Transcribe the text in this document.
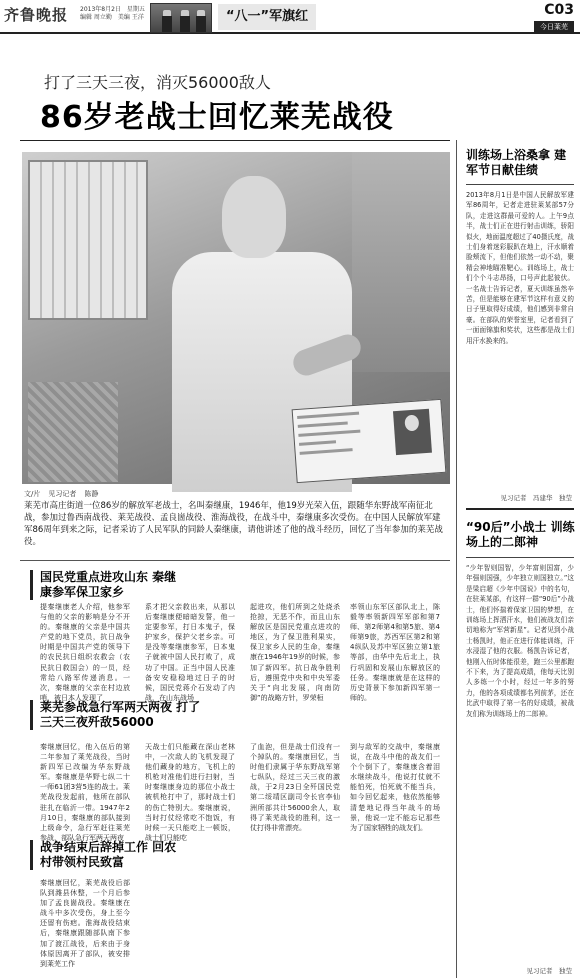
齐鲁晚报 2013年8月2日 星期五
编辑 周立勤 美编 王洋	“八一”军旗红	C03
今日莱芜
打了三天三夜，消灭56000敌人
86岁老战士回忆莱芜战役
文/片 见习记者 陈静
莱芜市高庄街道一位86岁的解放军老战士，名叫秦继康，1946年，他19岁光荣入伍，跟随华东野战军南征北战，参加过鲁西南战役、莱芜战役、孟良崮战役、淮海战役，在战斗中，秦继康多次受伤。在中国人民解放军建军86周年到来之际，记者采访了人民军队的同龄人秦继康，请他讲述了他的战斗经历，回忆了当年参加的莱芜战役。
国民党重点进攻山东 秦继康参军保卫家乡
提秦继康老人介绍，他参军与他的父亲的影响是分不开的。秦继康的父亲是中国共产党的地下党员，抗日战争时期是中国共产党的领导下的农民抗日组织农救会（农民抗日救国会）的一员，经常给八路军传递消息。一次，秦继康的父亲在村边放哨，被日本人发现了
系才把父亲救出来，从那以后秦继康便暗暗发誓，他一定要参军，打日本鬼子，保护家乡，保护父老乡亲。可是没等秦继康参军，日本鬼子就被中国人民打败了，成功了中国。正当中国人民准备安安稳稳地过日子的时候，国民党蒋介石发动了内战，在山东战场
起进攻，他们所到之处烧杀抢掠，无恶不作，而且山东解放区是国民党重点进攻的地区，为了保卫胜利果实，保卫家乡人民的生命，秦继康在1946年19岁的时候，参加了新四军。抗日战争胜利后，遵照党中央和中央军委关于“向北发展，向南防御”的战略方针，罗荣桓
率领山东军区部队北上，陈毅等率领新四军军部和第7师、第2师第4和第5旅、第4师第9旅，苏西军区第2和第4纵队及苏中军区独立第1旅等部，由华中先后北上，执行巩固和发展山东解放区的任务。秦继康就是在这样的历史背景下参加新四军第一师的。
莱芜参战急行军两天两夜 打了三天三夜歼敌56000
秦继康回忆，他入伍后的第二年参加了莱芜战役，当时新四军已改编为华东野战军。秦继康是华野七纵二十一师61团3营5连的战士。莱芜战役发起前，他所在部队驻扎在临沂一带。1947年2月10日，秦继康的部队接到上级命令，急行军赶往莱芜参战，部队急行军两天两夜
天战士们只能藏在深山老林中，一次敌人的飞机发现了他们藏身的地方，飞机上的机枪对准他们进行扫射，当时秦继康身边的那位小战士被机枪打中了，那时战士们的伤亡特别大。秦继康说，当时打仗经常吃不饱饭，有时候一天只能吃上一顿饭，战士们只能吃
了血泡，但是战士们没有一个掉队的。秦继康回忆，当时他们隶属于华东野战军第七纵队，经过三天三夜的激战，于2月23日全歼国民党第二绥靖区副司令长官李仙洲所部共计56000余人，取得了莱芜战役的胜利，这一仗打得非常漂亮。
到与敌军的交战中，秦继康说，在战斗中他的战友们一个个倒下了，秦继康含着泪水继续战斗，他说打仗就不能怕死，怕死就不能当兵，如今回忆起来，他依然能够清楚地记得当年战斗的场景，他说一定不能忘记那些为了国家牺牲的战友们。
战争结束后辞掉工作 回农村带领村民致富
秦继康回忆，莱芜战役后部队到潍县休整，一个月后参加了孟良崮战役。秦继康在战斗中多次受伤，身上至今还留有伤疤。淮海战役结束后，秦继康跟随部队南下参加了渡江战役，后来由于身体原因离开了部队，被安排到莱芜工作
训练场上浴桑拿 建军节日献佳绩
2013年8月1日是中国人民解放军建军86周年，记者走进驻莱某部57分队，走进这群最可爱的人。上午9点半，战士们正在进行射击训练，骄阳似火，地面温度超过了40摄氏度，战士们身着迷彩服趴在地上，汗水顺着脸颊流下，但他们依然一动不动，聚精会神地瞄准靶心。训练场上，战士们个个斗志昂扬，口号声此起彼伏。一名战士告诉记者，夏天训练虽然辛苦，但是能够在建军节这样有意义的日子里取得好成绩，他们感到非常自豪。在部队的荣誉室里，记者看到了一面面锦旗和奖状，这些都是战士们用汗水换来的。
见习记者　冯建华　独莹
“90后”小战士 训练场上的二郎神
“少年智则国智，少年富则国富，少年强则国强，少年独立则国独立。”这是梁启超《少年中国说》中的名句，在驻莱某部，有这样一群“90后”小战士，他们怀揣着保家卫国的梦想，在训练场上挥洒汗水，他们被战友们亲切地称为“军营新星”。记者见到小战士杨凯时，他正在进行体能训练，汗水浸湿了他的衣服。杨凯告诉记者，他刚入伍时体能很差，跑三公里都跑不下来，为了提高成绩，他每天比别人多练一个小时，经过一年多的努力，他的各项成绩都名列前茅，还在比武中取得了第一名的好成绩，被战友们称为训练场上的二郎神。
见习记者　独莹
